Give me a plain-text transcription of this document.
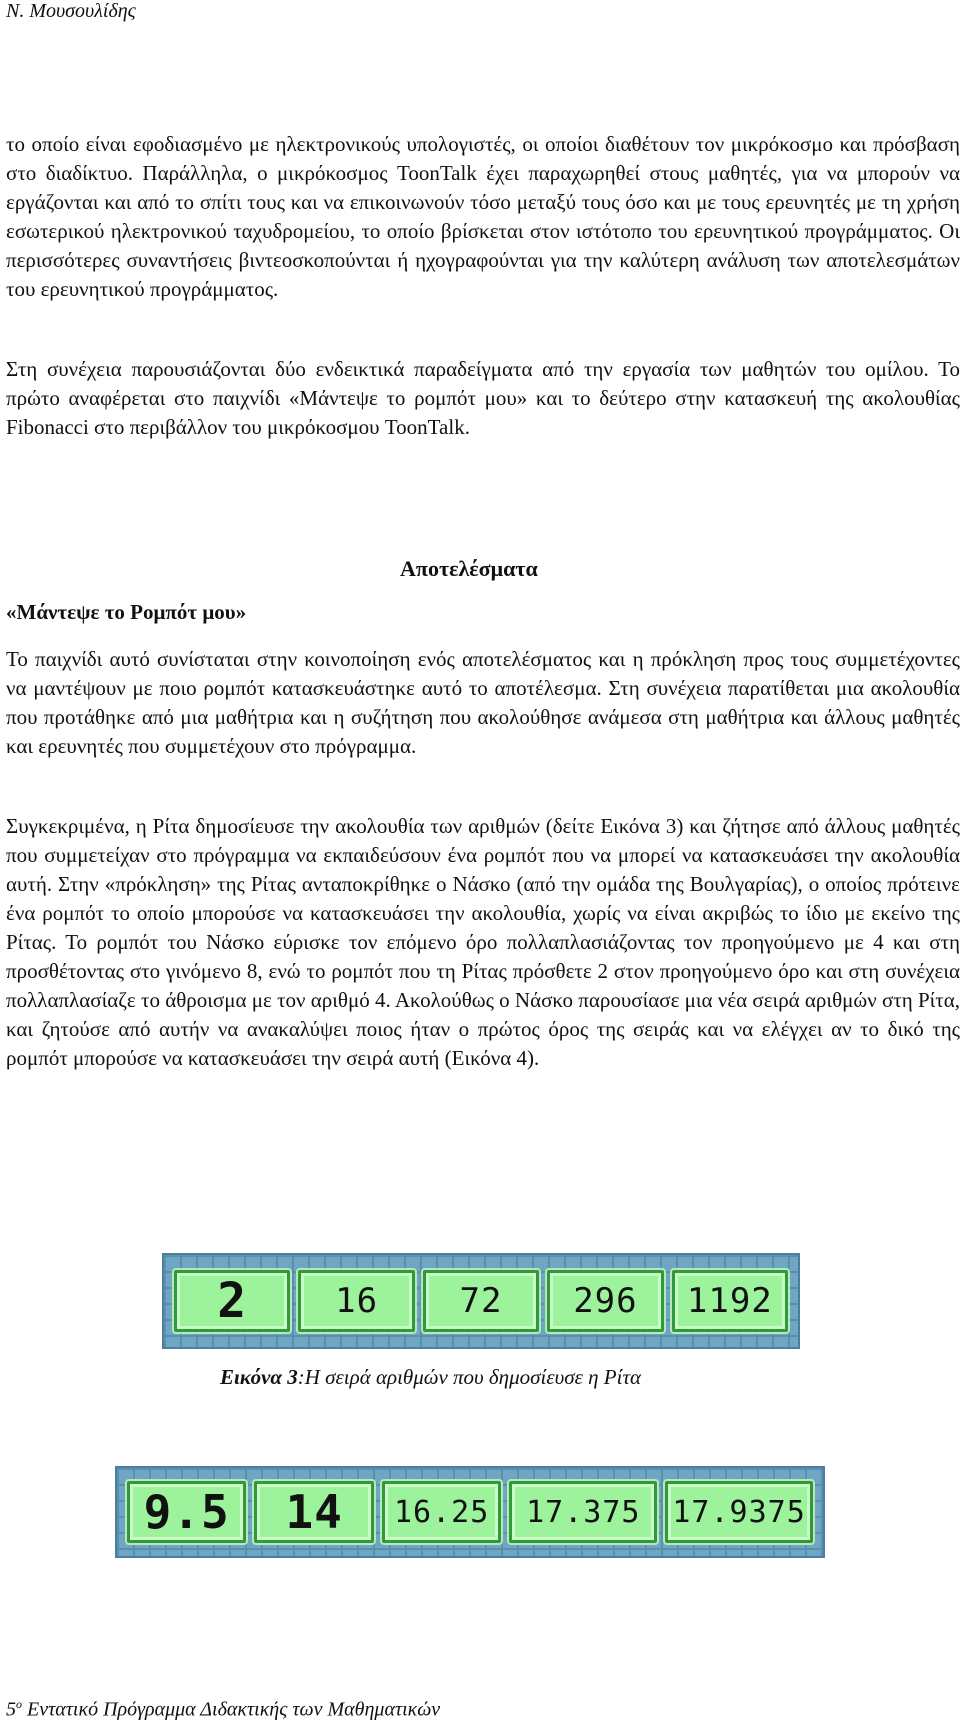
Ν. Μουσουλίδης

το οποίο είναι εφοδιασμένο με ηλεκτρονικούς υπολογιστές, οι οποίοι διαθέτουν τον μικρόκοσμο και πρόσβαση στο διαδίκτυο. Παράλληλα, ο μικρόκοσμος ToonTalk έχει παραχωρηθεί στους μαθητές, για να μπορούν να εργάζονται και από το σπίτι τους και να επικοινωνούν τόσο μεταξύ τους όσο και με τους ερευνητές με τη χρήση εσωτερικού ηλεκτρονικού ταχυδρομείου, το οποίο βρίσκεται στον ιστότοπο του ερευνητικού προγράμματος. Οι περισσότερες συναντήσεις βιντεοσκοπούνται ή ηχογραφούνται για την καλύτερη ανάλυση των αποτελεσμάτων του ερευνητικού προγράμματος.

Στη συνέχεια παρουσιάζονται δύο ενδεικτικά παραδείγματα από την εργασία των μαθητών του ομίλου. Το πρώτο αναφέρεται στο παιχνίδι «Μάντεψε το ρομπότ μου» και το δεύτερο στην κατασκευή της ακολουθίας Fibonacci στο περιβάλλον του μικρόκοσμου ToonTalk.

Αποτελέσματα
«Μάντεψε το Ρομπότ μου»

Το παιχνίδι αυτό συνίσταται στην κοινοποίηση ενός αποτελέσματος και η πρόκληση προς τους συμμετέχοντες να μαντέψουν με ποιο ρομπότ κατασκευάστηκε αυτό το αποτέλεσμα. Στη συνέχεια παρατίθεται μια ακολουθία που προτάθηκε από μια μαθήτρια και η συζήτηση που ακολούθησε ανάμεσα στη μαθήτρια και άλλους μαθητές και ερευνητές που συμμετέχουν στο πρόγραμμα.

Συγκεκριμένα, η Ρίτα δημοσίευσε την ακολουθία των αριθμών (δείτε Εικόνα 3) και ζήτησε από άλλους μαθητές που συμμετείχαν στο πρόγραμμα να εκπαιδεύσουν ένα ρομπότ που να μπορεί να κατασκευάσει την ακολουθία αυτή. Στην «πρόκληση» της Ρίτας ανταποκρίθηκε ο Νάσκο (από την ομάδα της Βουλγαρίας), ο οποίος πρότεινε ένα ρομπότ το οποίο μπορούσε να κατασκευάσει την ακολουθία, χωρίς να είναι ακριβώς το ίδιο με εκείνο της Ρίτας. Το ρομπότ του Νάσκο εύρισκε τον επόμενο όρο πολλαπλασιάζοντας τον προηγούμενο με 4 και στη προσθέτοντας στο γινόμενο 8, ενώ το ρομπότ που τη Ρίτας πρόσθετε 2 στον προηγούμενο όρο και στη συνέχεια πολλαπλασίαζε το άθροισμα με τον αριθμό 4. Ακολούθως ο Νάσκο παρουσίασε μια νέα σειρά αριθμών στη Ρίτα, και ζητούσε από αυτήν να ανακαλύψει ποιος ήταν ο πρώτος όρος της σειράς και να ελέγχει αν το δικό της ρομπότ μπορούσε να κατασκευάσει την σειρά αυτή (Εικόνα 4).

2	16	72	296	1192
Εικόνα 3:Η σειρά αριθμών που δημοσίευσε η Ρίτα
9.5	14	16.25	17.375	17.9375
$5^o$ Εντατικό Πρόγραμμα Διδακτικής των Μαθηματικών
